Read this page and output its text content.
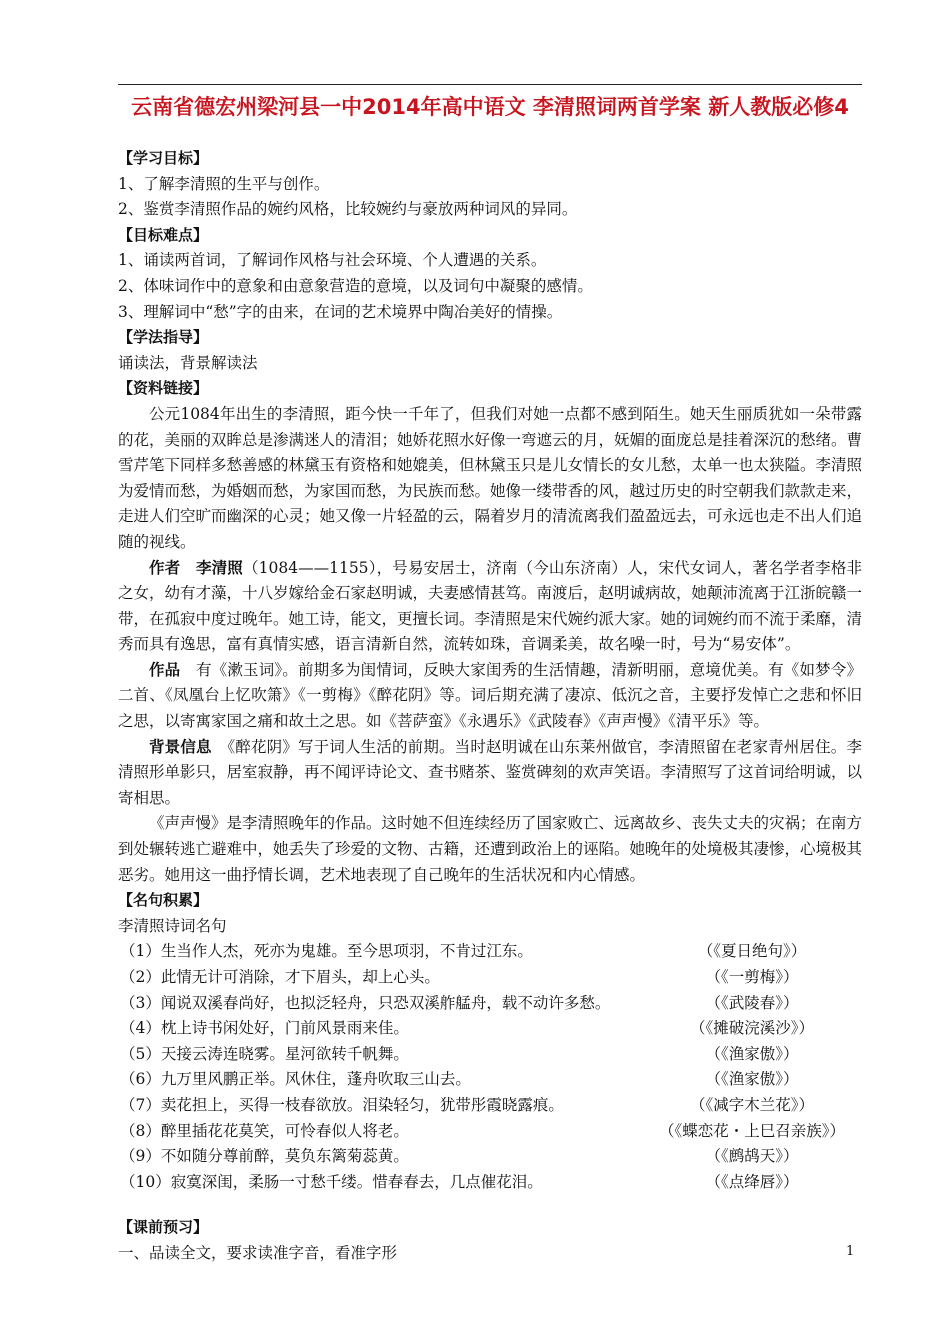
云南省德宏州梁河县一中2014年高中语文 李清照词两首学案 新人教版必修4
【学习目标】
1、了解李清照的生平与创作。
2、鉴赏李清照作品的婉约风格，比较婉约与豪放两种词风的异同。
【目标难点】
1、诵读两首词，了解词作风格与社会环境、个人遭遇的关系。
2、体味词作中的意象和由意象营造的意境，以及词句中凝聚的感情。
3、理解词中“愁”字的由来，在词的艺术境界中陶冶美好的情操。
【学法指导】
诵读法，背景解读法
【资料链接】
公元1084年出生的李清照，距今快一千年了，但我们对她一点都不感到陌生。她天生丽质犹如一朵带露的花，美丽的双眸总是渗满迷人的清泪；她娇花照水好像一弯遮云的月，妩媚的面庞总是挂着深沉的愁绪。曹雪芹笔下同样多愁善感的林黛玉有资格和她媲美，但林黛玉只是儿女情长的女儿愁，太单一也太狭隘。李清照为爱情而愁，为婚姻而愁，为家国而愁，为民族而愁。她像一缕带香的风，越过历史的时空朝我们款款走来，走进人们空旷而幽深的心灵；她又像一片轻盈的云，隔着岁月的清流离我们盈盈远去，可永远也走不出人们追随的视线。
作者　李清照（1084——1155），号易安居士，济南（今山东济南）人，宋代女词人，著名学者李格非之女，幼有才藻，十八岁嫁给金石家赵明诚，夫妻感情甚笃。南渡后，赵明诚病故，她颠沛流离于江浙皖赣一带，在孤寂中度过晚年。她工诗，能文，更擅长词。李清照是宋代婉约派大家。她的词婉约而不流于柔靡，清秀而具有逸思，富有真情实感，语言清新自然，流转如珠，音调柔美，故名噪一时，号为“易安体”。
作品　有《漱玉词》。前期多为闺情词，反映大家闺秀的生活情趣，清新明丽，意境优美。有《如梦令》二首、《凤凰台上忆吹箫》《一剪梅》《醉花阴》等。词后期充满了凄凉、低沉之音，主要抒发悼亡之悲和怀旧之思，以寄寓家国之痛和故土之思。如《菩萨蛮》《永遇乐》《武陵春》《声声慢》《清平乐》等。
背景信息　《醉花阴》写于词人生活的前期。当时赵明诚在山东莱州做官，李清照留在老家青州居住。李清照形单影只，居室寂静，再不闻评诗论文、查书赌茶、鉴赏碑刻的欢声笑语。李清照写了这首词给明诚，以寄相思。
《声声慢》是李清照晚年的作品。这时她不但连续经历了国家败亡、远离故乡、丧失丈夫的灾祸；在南方到处辗转逃亡避难中，她丢失了珍爱的文物、古籍，还遭到政治上的诬陷。她晚年的处境极其凄惨，心境极其恶劣。她用这一曲抒情长调，艺术地表现了自己晚年的生活状况和内心情感。
【名句积累】
李清照诗词名句
（1）生当作人杰，死亦为鬼雄。至今思项羽，不肯过江东。	（《夏日绝句》）
（2）此情无计可消除，才下眉头，却上心头。	（《一剪梅》）
（3）闻说双溪春尚好，也拟泛轻舟，只恐双溪舴艋舟，载不动许多愁。	（《武陵春》）
（4）枕上诗书闲处好，门前风景雨来佳。	（《摊破浣溪沙》）
（5）天接云涛连晓雾。星河欲转千帆舞。	（《渔家傲》）
（6）九万里风鹏正举。风休住，蓬舟吹取三山去。	（《渔家傲》）
（7）卖花担上，买得一枝春欲放。泪染轻匀，犹带彤霞晓露痕。	（《减字木兰花》）
（8）醉里插花花莫笑，可怜春似人将老。	（《蝶恋花・上巳召亲族》）
（9）不如随分尊前醉，莫负东篱菊蕊黄。	（《鹧鸪天》）
（10）寂寞深闺，柔肠一寸愁千缕。惜春春去，几点催花泪。	（《点绛唇》）
【课前预习】
一、品读全文，要求读准字音，看准字形	1
